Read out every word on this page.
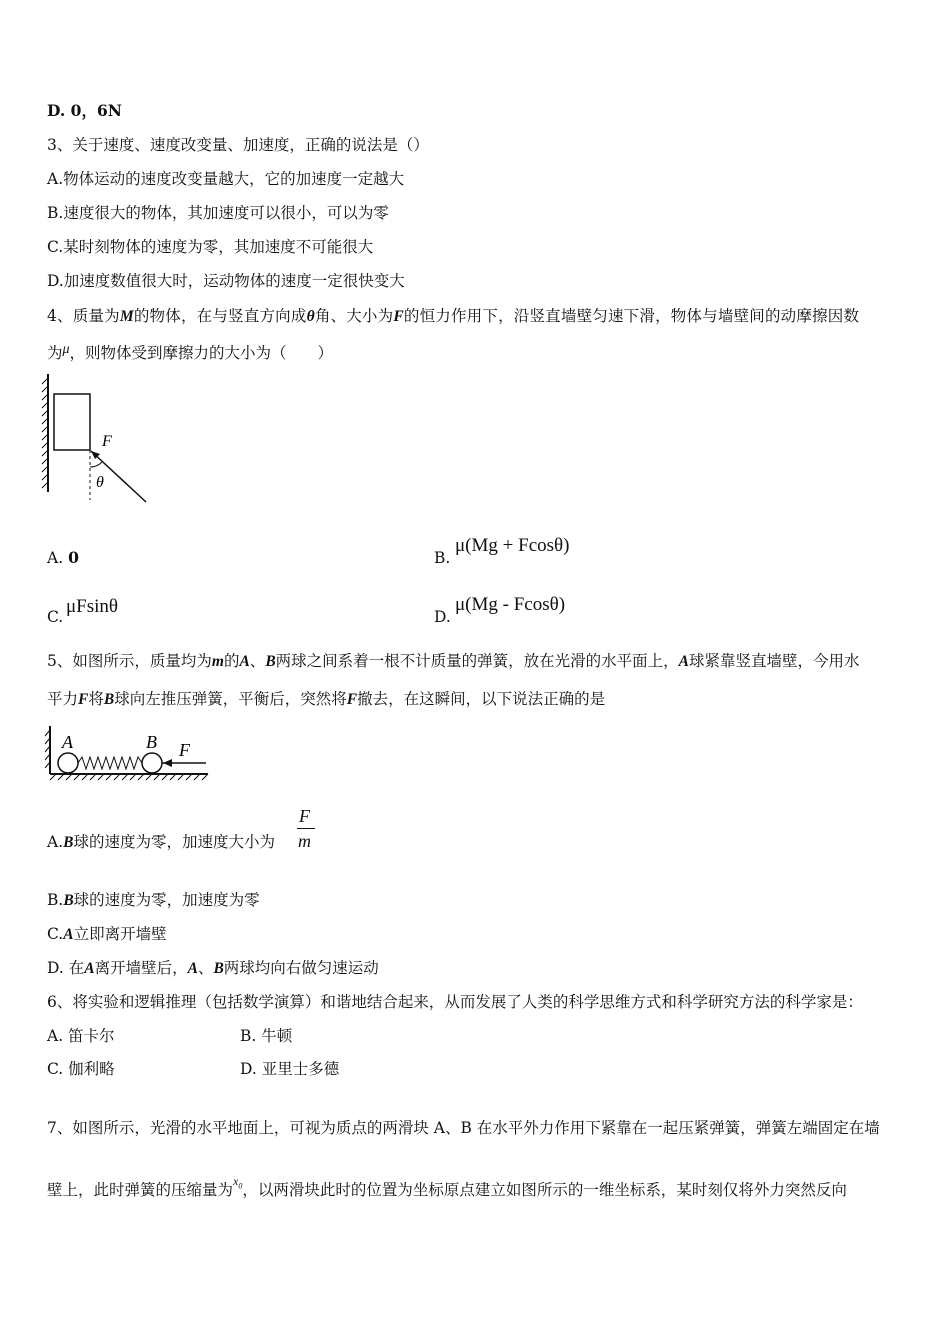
D. 0，6N
3、关于速度、速度改变量、加速度，正确的说法是（）
A.物体运动的速度改变量越大，它的加速度一定越大
B.速度很大的物体，其加速度可以很小，可以为零
C.某时刻物体的速度为零，其加速度不可能很大
D.加速度数值很大时，运动物体的速度一定很快变大
4、质量为M的物体，在与竖直方向成θ角、大小为F的恒力作用下，沿竖直墙壁匀速下滑，物体与墙壁间的动摩擦因数
为μ，则物体受到摩擦力的大小为（　　）
F
θ
A. 0	B.
μ(Mg + Fcosθ)
C. μFsinθ	D.
μ(Mg - Fcosθ)
5、如图所示，质量均为m的A、B两球之间系着一根不计质量的弹簧，放在光滑的水平面上，A球紧靠竖直墙壁，今用水
平力F将B球向左推压弹簧，平衡后，突然将F撤去，在这瞬间，以下说法正确的是
A	B F
A.B球的速度为零，加速度大小为
F
m
B.B球的速度为零，加速度为零
C.A立即离开墙壁
D. 在A离开墙壁后，A、B两球均向右做匀速运动
6、将实验和逻辑推理（包括数学演算）和谐地结合起来，从而发展了人类的科学思维方式和科学研究方法的科学家是：
A. 笛卡尔	B. 牛顿
C. 伽利略	D. 亚里士多德
7、如图所示，光滑的水平地面上，可视为质点的两滑块 A、B 在水平外力作用下紧靠在一起压紧弹簧，弹簧左端固定在墙
壁上，此时弹簧的压缩量为$^{x_0}$，以两滑块此时的位置为坐标原点建立如图所示的一维坐标系，某时刻仅将外力突然反向
